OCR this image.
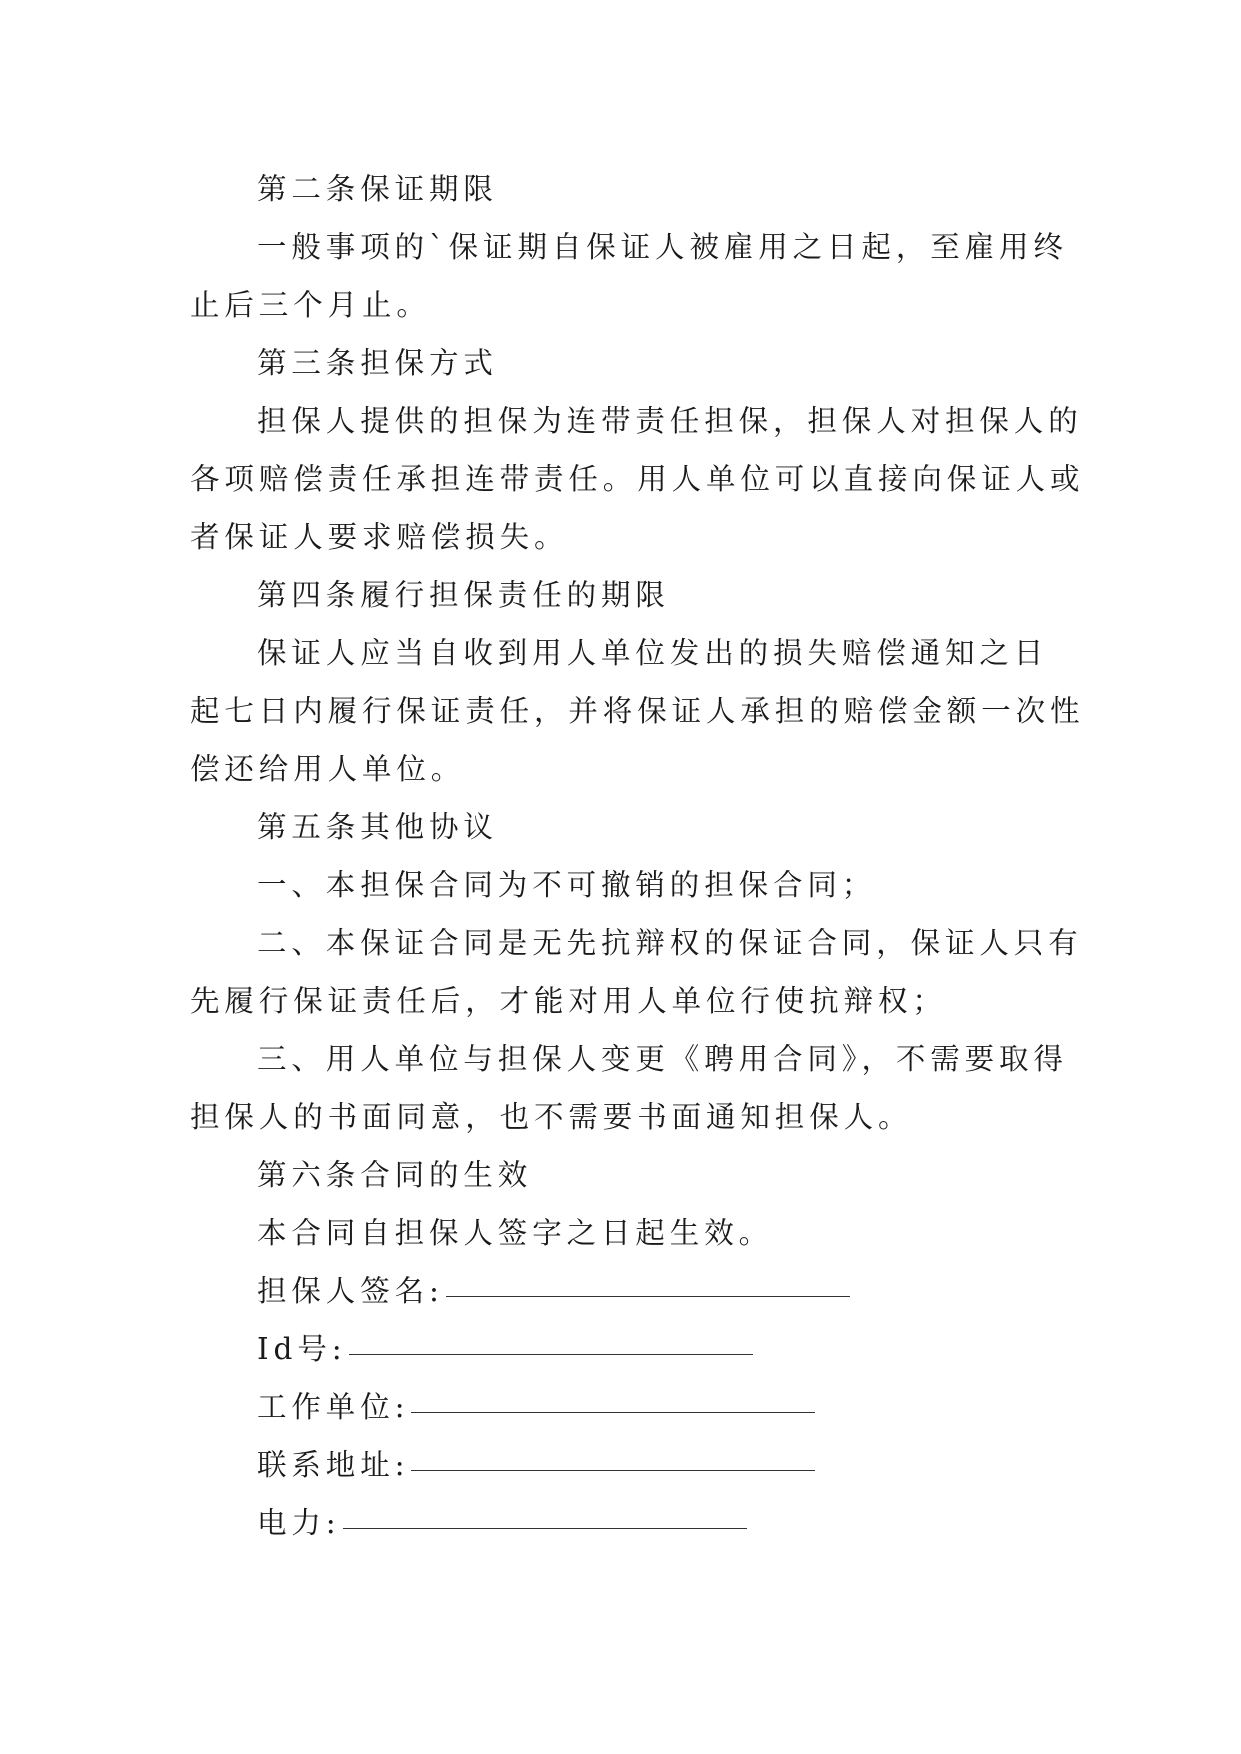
第二条保证期限
一般事项的`保证期自保证人被雇用之日起，至雇用终
止后三个月止。
第三条担保方式
担保人提供的担保为连带责任担保，担保人对担保人的
各项赔偿责任承担连带责任。用人单位可以直接向保证人或
者保证人要求赔偿损失。
第四条履行担保责任的期限
保证人应当自收到用人单位发出的损失赔偿通知之日
起七日内履行保证责任，并将保证人承担的赔偿金额一次性
偿还给用人单位。
第五条其他协议
一、本担保合同为不可撤销的担保合同；
二、本保证合同是无先抗辩权的保证合同，保证人只有
先履行保证责任后，才能对用人单位行使抗辩权；
三、用人单位与担保人变更《聘用合同》，不需要取得
担保人的书面同意，也不需要书面通知担保人。
第六条合同的生效
本合同自担保人签字之日起生效。
担保人签名:
Id号:
工作单位:
联系地址:
电力:
